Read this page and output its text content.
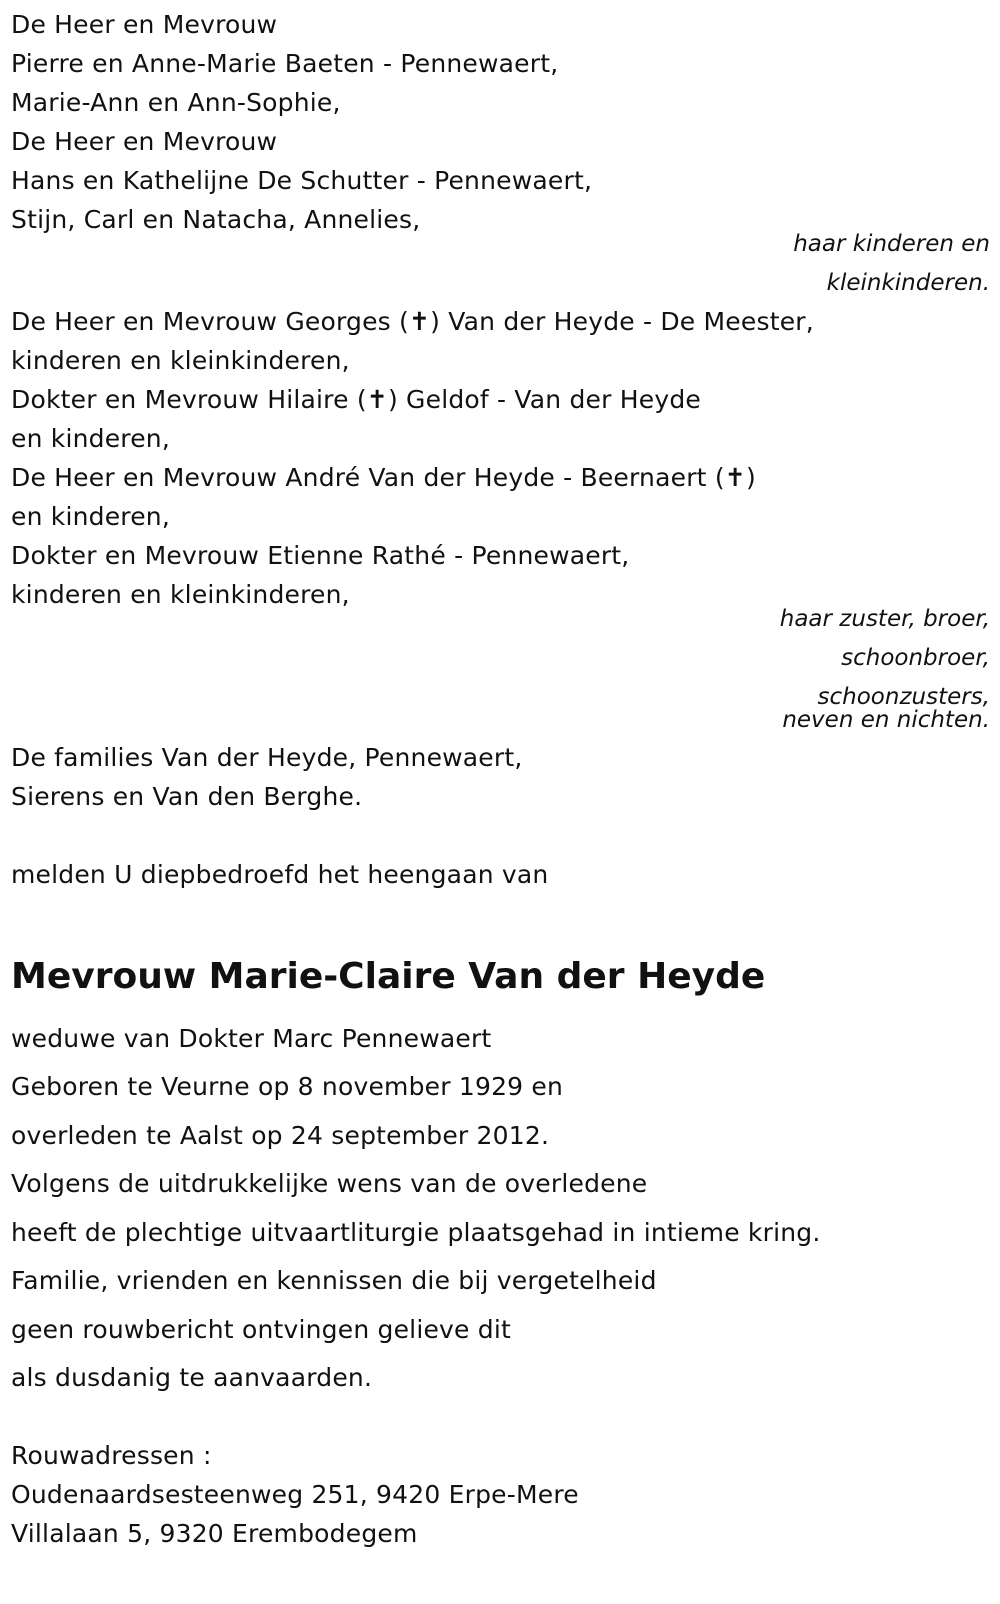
De Heer en Mevrouw
Pierre en Anne-Marie Baeten - Pennewaert,
Marie-Ann en Ann-Sophie,
De Heer en Mevrouw
Hans en Kathelijne De Schutter - Pennewaert,
Stijn, Carl en Natacha, Annelies,
haar kinderen en
kleinkinderen.
De Heer en Mevrouw Georges (✝) Van der Heyde - De Meester,
kinderen en kleinkinderen,
Dokter en Mevrouw Hilaire (✝) Geldof - Van der Heyde
en kinderen,
De Heer en Mevrouw André Van der Heyde - Beernaert (✝)
en kinderen,
Dokter en Mevrouw Etienne Rathé - Pennewaert,
kinderen en kleinkinderen,
haar zuster, broer,
schoonbroer,
schoonzusters,
neven en nichten.
De families Van der Heyde, Pennewaert,
Sierens en Van den Berghe.
melden U diepbedroefd het heengaan van
Mevrouw Marie-Claire Van der Heyde
weduwe van Dokter Marc Pennewaert
Geboren te Veurne op 8 november 1929 en
overleden te Aalst op 24 september 2012.
Volgens de uitdrukkelijke wens van de overledene
heeft de plechtige uitvaartliturgie plaatsgehad in intieme kring.
Familie, vrienden en kennissen die bij vergetelheid
geen rouwbericht ontvingen gelieve dit
als dusdanig te aanvaarden.
Rouwadressen :
Oudenaardsesteenweg 251, 9420 Erpe-Mere
Villalaan 5, 9320 Erembodegem
